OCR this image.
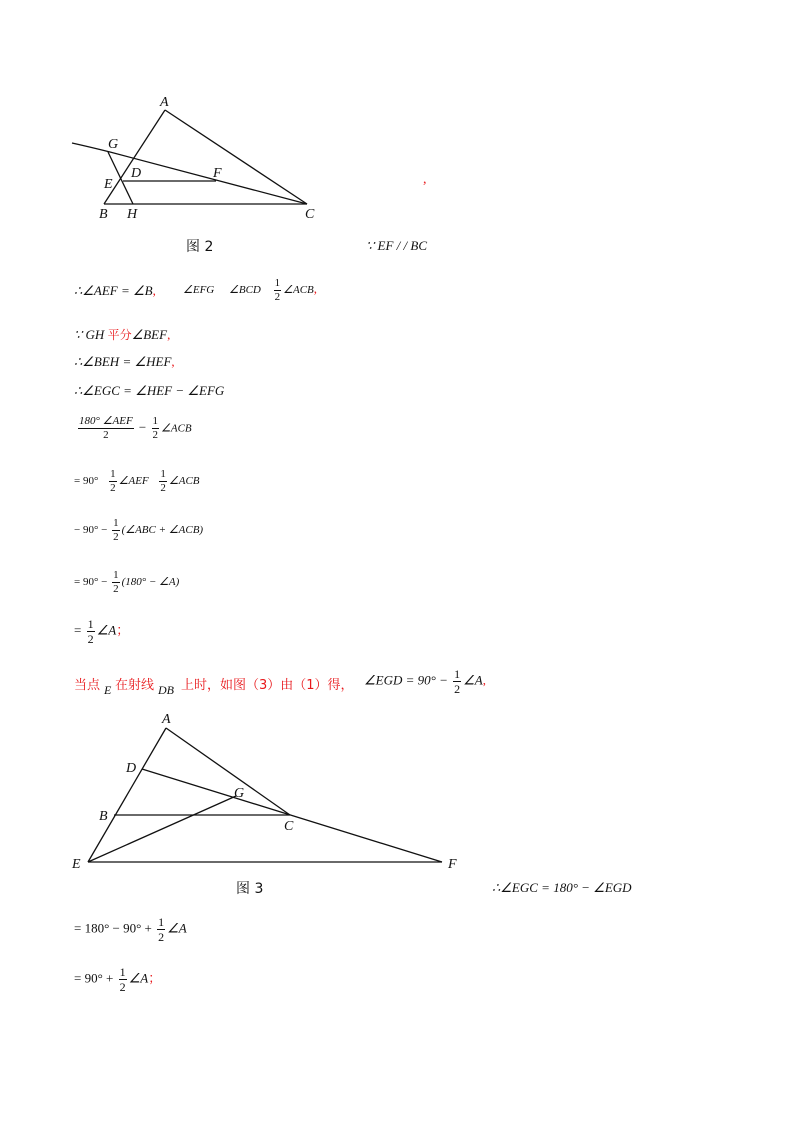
A
G
D	F
E
B H	C
,
图 2	∵ EF / / BC
∴∠AEF = ∠B, ∠EFG ∠BCD $\frac{1}{2}$ ∠ACB,
∵ GH 平分∠BEF,
∴∠BEH = ∠HEF,
∴∠EGC = ∠HEF − ∠EFG
$\frac{\text{180° ∠AEF}}{2} - \frac{1}{2}$ ∠ACB
= $90^\circ \frac{1}{2}$ ∠AEF $\frac{1}{2}$ ∠ACB
− $90^\circ - \frac{1}{2}$ (∠ABC + ∠ACB)
= $90^\circ - \frac{1}{2} (180^\circ$ − ∠A)
= $\frac{1}{2}$ ∠A；
当点 E 在射线 DB 上时，如图（3）由（1）得， ∠EGD = $90^\circ - \frac{1}{2}$ ∠A,
A
D
G
B
C
E	F
图 3	∴∠EGC = 180° − ∠EGD
= $180^\circ - 90^\circ + \frac{1}{2}$ ∠A
= $90^\circ + \frac{1}{2}$ ∠A；
